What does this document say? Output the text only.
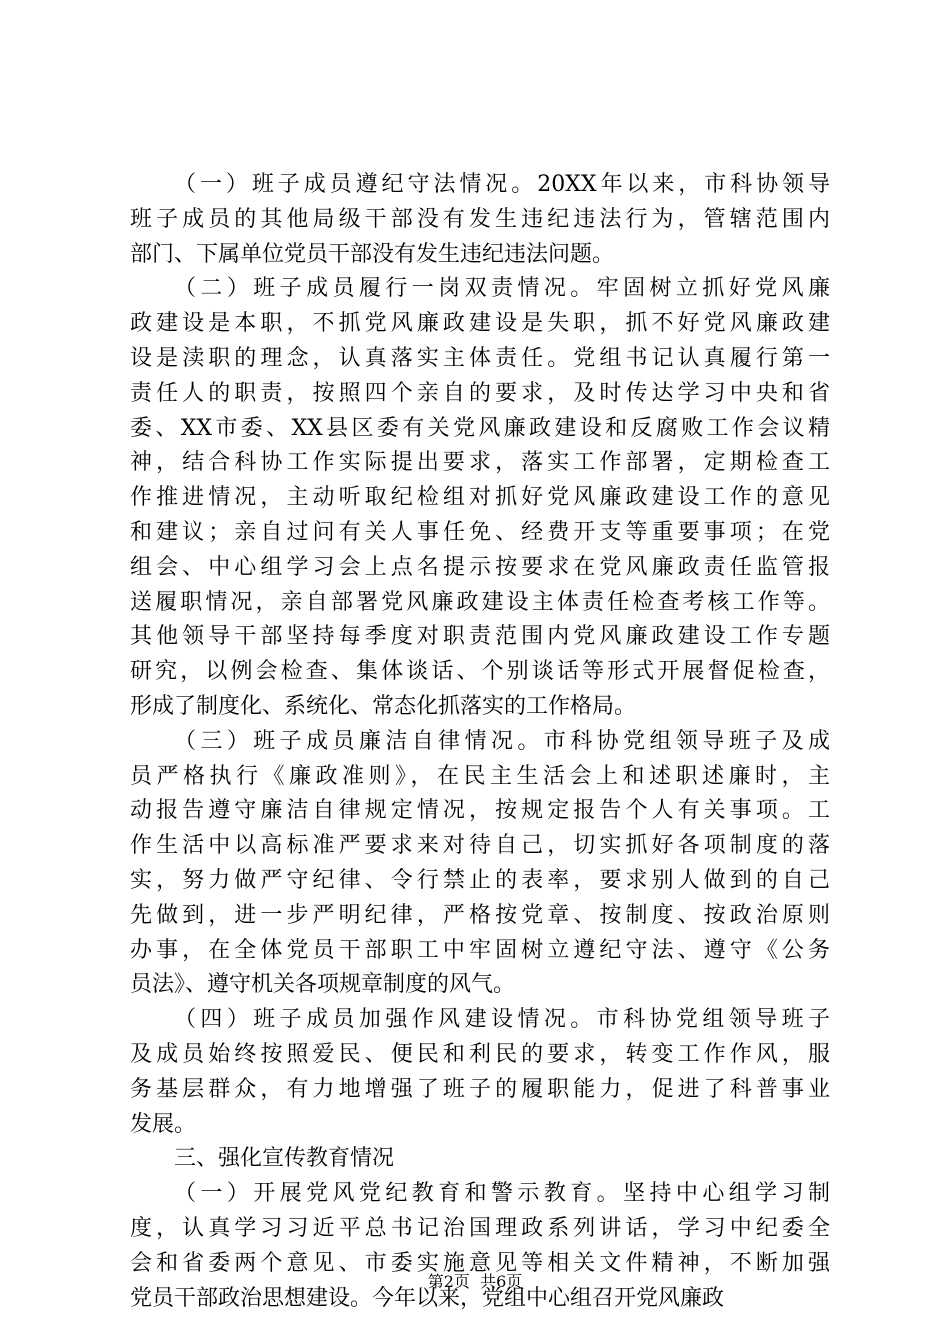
（一）班子成员遵纪守法情况。20XX年以来，市科协领导
班子成员的其他局级干部没有发生违纪违法行为，管辖范围内
部门、下属单位党员干部没有发生违纪违法问题。
（二）班子成员履行一岗双责情况。牢固树立抓好党风廉
政建设是本职，不抓党风廉政建设是失职，抓不好党风廉政建
设是渎职的理念，认真落实主体责任。党组书记认真履行第一
责任人的职责，按照四个亲自的要求，及时传达学习中央和省
委、XX市委、XX县区委有关党风廉政建设和反腐败工作会议精
神，结合科协工作实际提出要求，落实工作部署，定期检查工
作推进情况，主动听取纪检组对抓好党风廉政建设工作的意见
和建议；亲自过问有关人事任免、经费开支等重要事项；在党
组会、中心组学习会上点名提示按要求在党风廉政责任监管报
送履职情况，亲自部署党风廉政建设主体责任检查考核工作等。
其他领导干部坚持每季度对职责范围内党风廉政建设工作专题
研究，以例会检查、集体谈话、个别谈话等形式开展督促检查，
形成了制度化、系统化、常态化抓落实的工作格局。
（三）班子成员廉洁自律情况。市科协党组领导班子及成
员严格执行《廉政准则》，在民主生活会上和述职述廉时，主
动报告遵守廉洁自律规定情况，按规定报告个人有关事项。工
作生活中以高标准严要求来对待自己，切实抓好各项制度的落
实，努力做严守纪律、令行禁止的表率，要求别人做到的自己
先做到，进一步严明纪律，严格按党章、按制度、按政治原则
办事，在全体党员干部职工中牢固树立遵纪守法、遵守《公务
员法》、遵守机关各项规章制度的风气。
（四）班子成员加强作风建设情况。市科协党组领导班子
及成员始终按照爱民、便民和利民的要求，转变工作作风，服
务基层群众，有力地增强了班子的履职能力，促进了科普事业
发展。
三、强化宣传教育情况
（一）开展党风党纪教育和警示教育。坚持中心组学习制
度，认真学习习近平总书记治国理政系列讲话，学习中纪委全
会和省委两个意见、市委实施意见等相关文件精神，不断加强
党员干部政治思想建设。今年以来，党组中心组召开党风廉政
第2页 共6页
